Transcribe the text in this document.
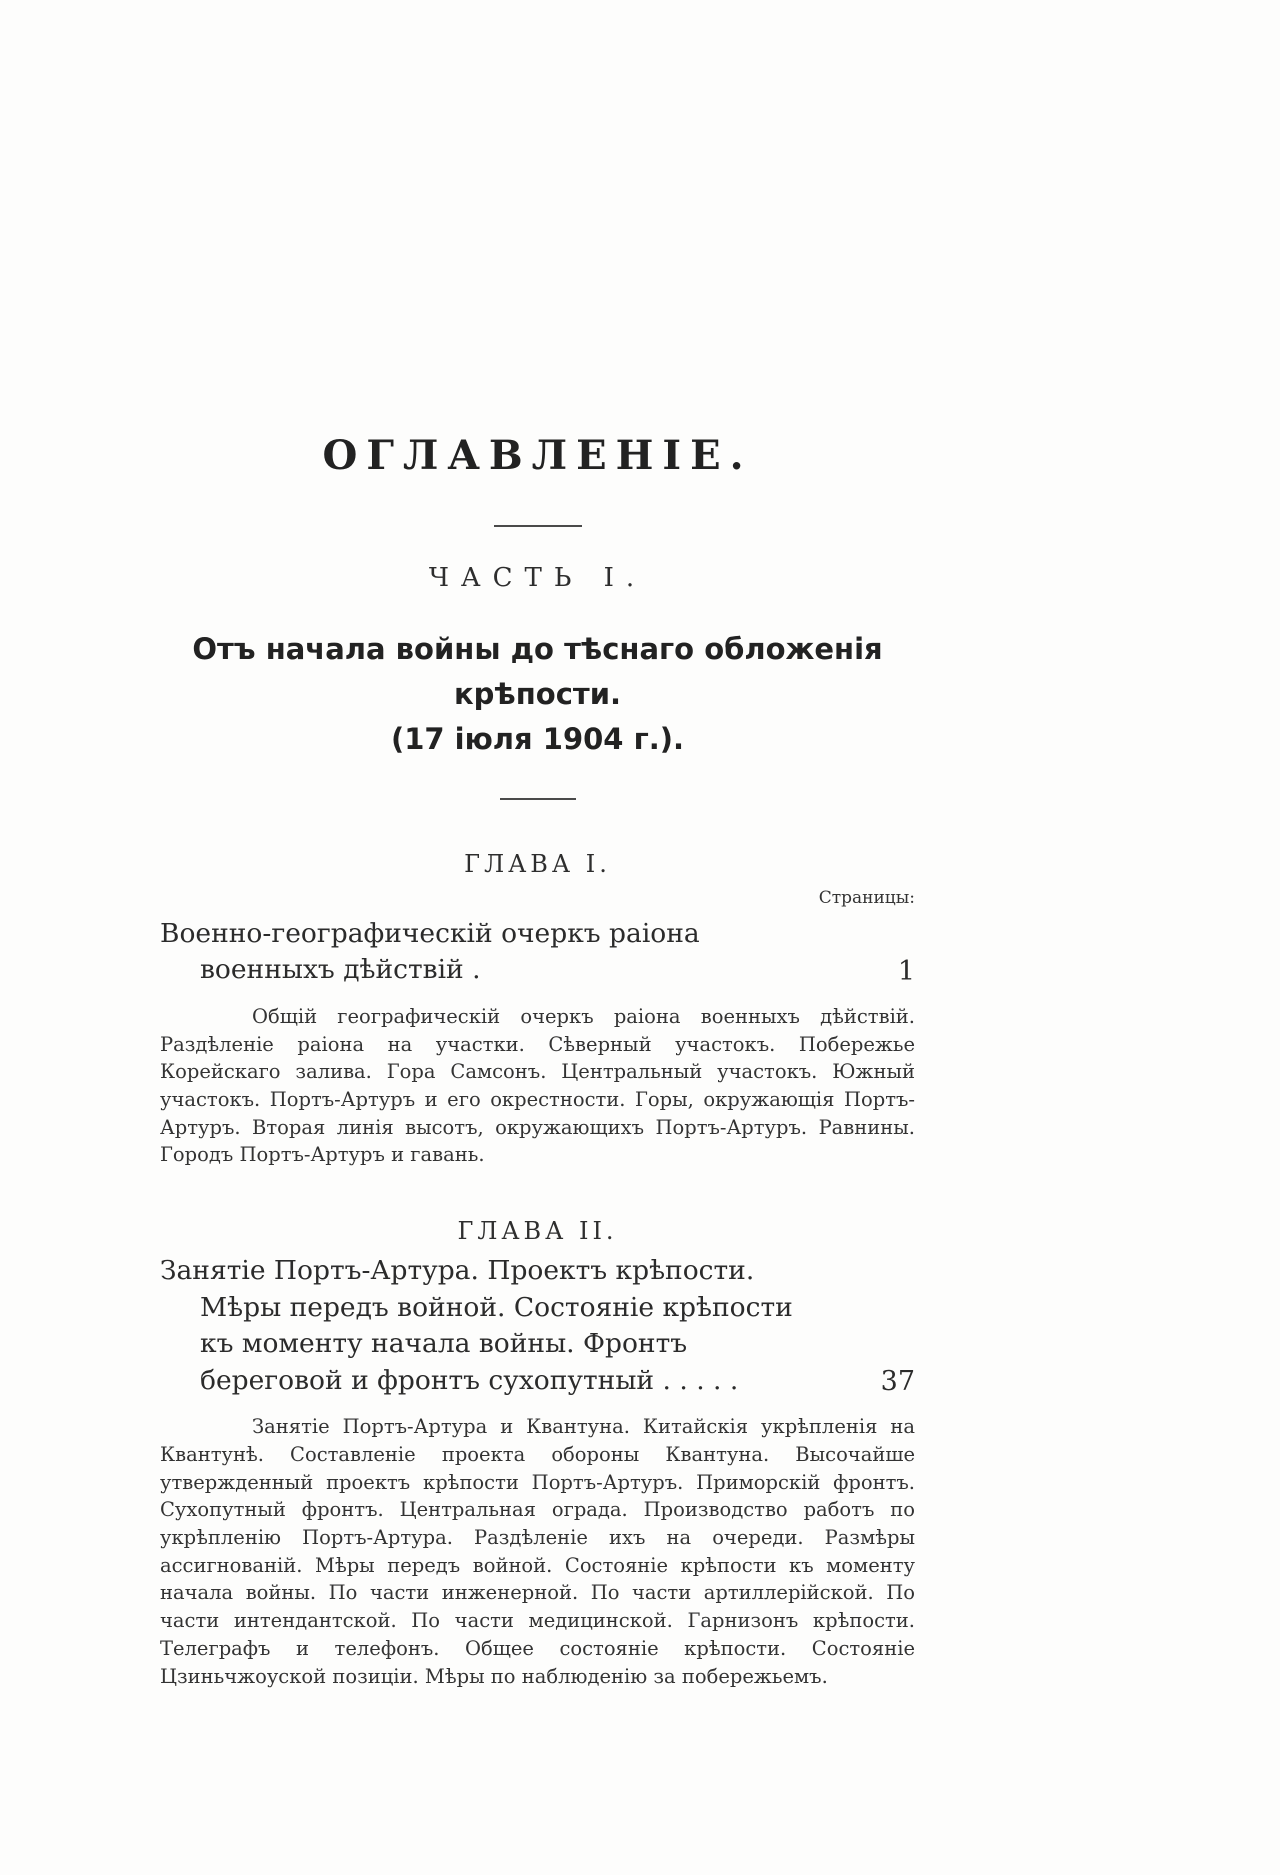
ОГЛАВЛЕНІЕ.
ЧАСТЬ I.
Отъ начала войны до тѣснаго обложенія крѣпости.
(17 іюля 1904 г.).
ГЛАВА I.
Страницы:
Военно-географическій очеркъ раіона военныхъ дѣйствій .	1

Общій географическій очеркъ раіона военныхъ дѣйствій. Раздѣленіе раіона на участки. Сѣверный участокъ. Побережье Корейскаго залива. Гора Самсонъ. Центральный участокъ. Южный участокъ. Портъ-Артуръ и его окрестности. Горы, окружающія Портъ-Артуръ. Вторая линія высотъ, окружающихъ Портъ-Артуръ. Равнины. Городъ Портъ-Артуръ и гавань.

ГЛАВА II.
Занятіе Портъ-Артура. Проектъ крѣпости. Мѣры передъ войной. Состояніе крѣпости къ моменту начала войны. Фронтъ береговой и фронтъ сухопутный . . . . .	37

Занятіе Портъ-Артура и Квантуна. Китайскія укрѣпленія на Квантунѣ. Составленіе проекта обороны Квантуна. Высочайше утвержденный проектъ крѣпости Портъ-Артуръ. Приморскій фронтъ. Сухопутный фронтъ. Центральная ограда. Производство работъ по укрѣпленію Портъ-Артура. Раздѣленіе ихъ на очереди. Размѣры ассигнованій. Мѣры передъ войной. Состояніе крѣпости къ моменту начала войны. По части инженерной. По части артиллерійской. По части интендантской. По части медицинской. Гарнизонъ крѣпости. Телеграфъ и телефонъ. Общее состояніе крѣпости. Состояніе Цзиньчжоуской позиціи. Мѣры по наблюденію за побережьемъ.
